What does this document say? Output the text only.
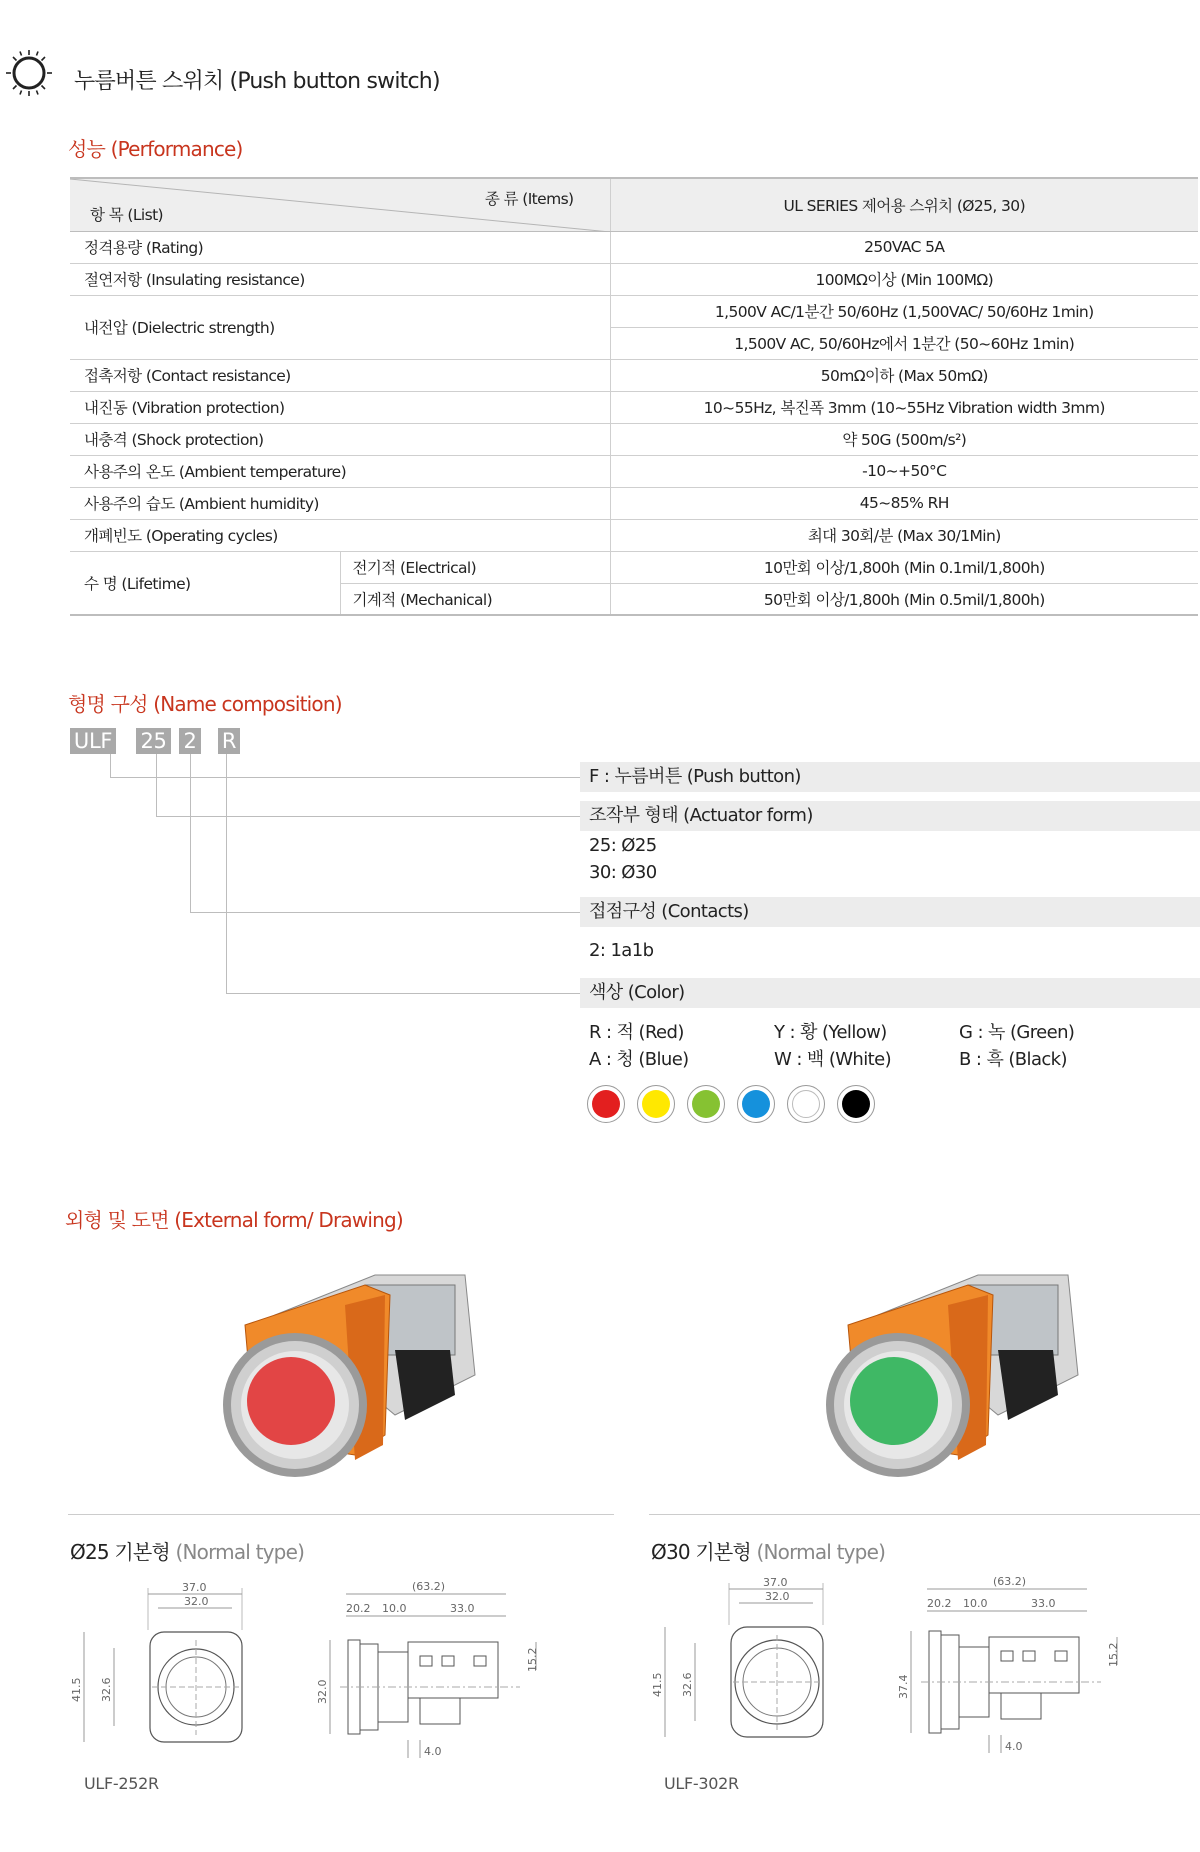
누름버튼 스위치 (Push button switch)
성능 (Performance)
종 류 (Items)
항 목 (List)		UL SERIES 제어용 스위치 (Ø25, 30)
정격용량 (Rating)		250VAC 5A
절연저항 (Insulating resistance)		100MΩ이상 (Min 100MΩ)
내전압 (Dielectric strength)		1,500V AC/1분간 50/60Hz (1,500VAC/ 50/60Hz 1min)
		1,500V AC, 50/60Hz에서 1분간 (50~60Hz 1min)
접촉저항 (Contact resistance)		50mΩ이하 (Max 50mΩ)
내진동 (Vibration protection)		10~55Hz, 복진폭 3mm (10~55Hz Vibration width 3mm)
내충격 (Shock protection)		약 50G (500m/s²)
사용주의 온도 (Ambient temperature)		-10~+50°C
사용주의 습도 (Ambient humidity)		45~85% RH
개폐빈도 (Operating cycles)		최대 30회/분 (Max 30/1Min)
수 명 (Lifetime)	전기적 (Electrical)	10만회 이상/1,800h (Min 0.1mil/1,800h)
	기계적 (Mechanical)	50만회 이상/1,800h (Min 0.5mil/1,800h)
형명 구성 (Name composition)
ULF 25 2 R
F : 누름버튼 (Push button)
조작부 형태 (Actuator form)
25: Ø25
30: Ø30
접점구성 (Contacts)
2: 1a1b
색상 (Color)
R : 적 (Red)	Y : 황 (Yellow)	G : 녹 (Green)
A : 청 (Blue)	W : 백 (White)	B : 흑 (Black)
외형 및 도면 (External form/ Drawing)
Ø25 기본형 (Normal type)	Ø30 기본형 (Normal type)
37.0
32.0
41.5 32.6
(63.2)
20.2 10.0	33.0
32.0
15.2
4.0
37.0
32.0
41.5 32.6
(63.2)
20.2 10.0	33.0
37.4
15.2
4.0
ULF-252R	ULF-302R
